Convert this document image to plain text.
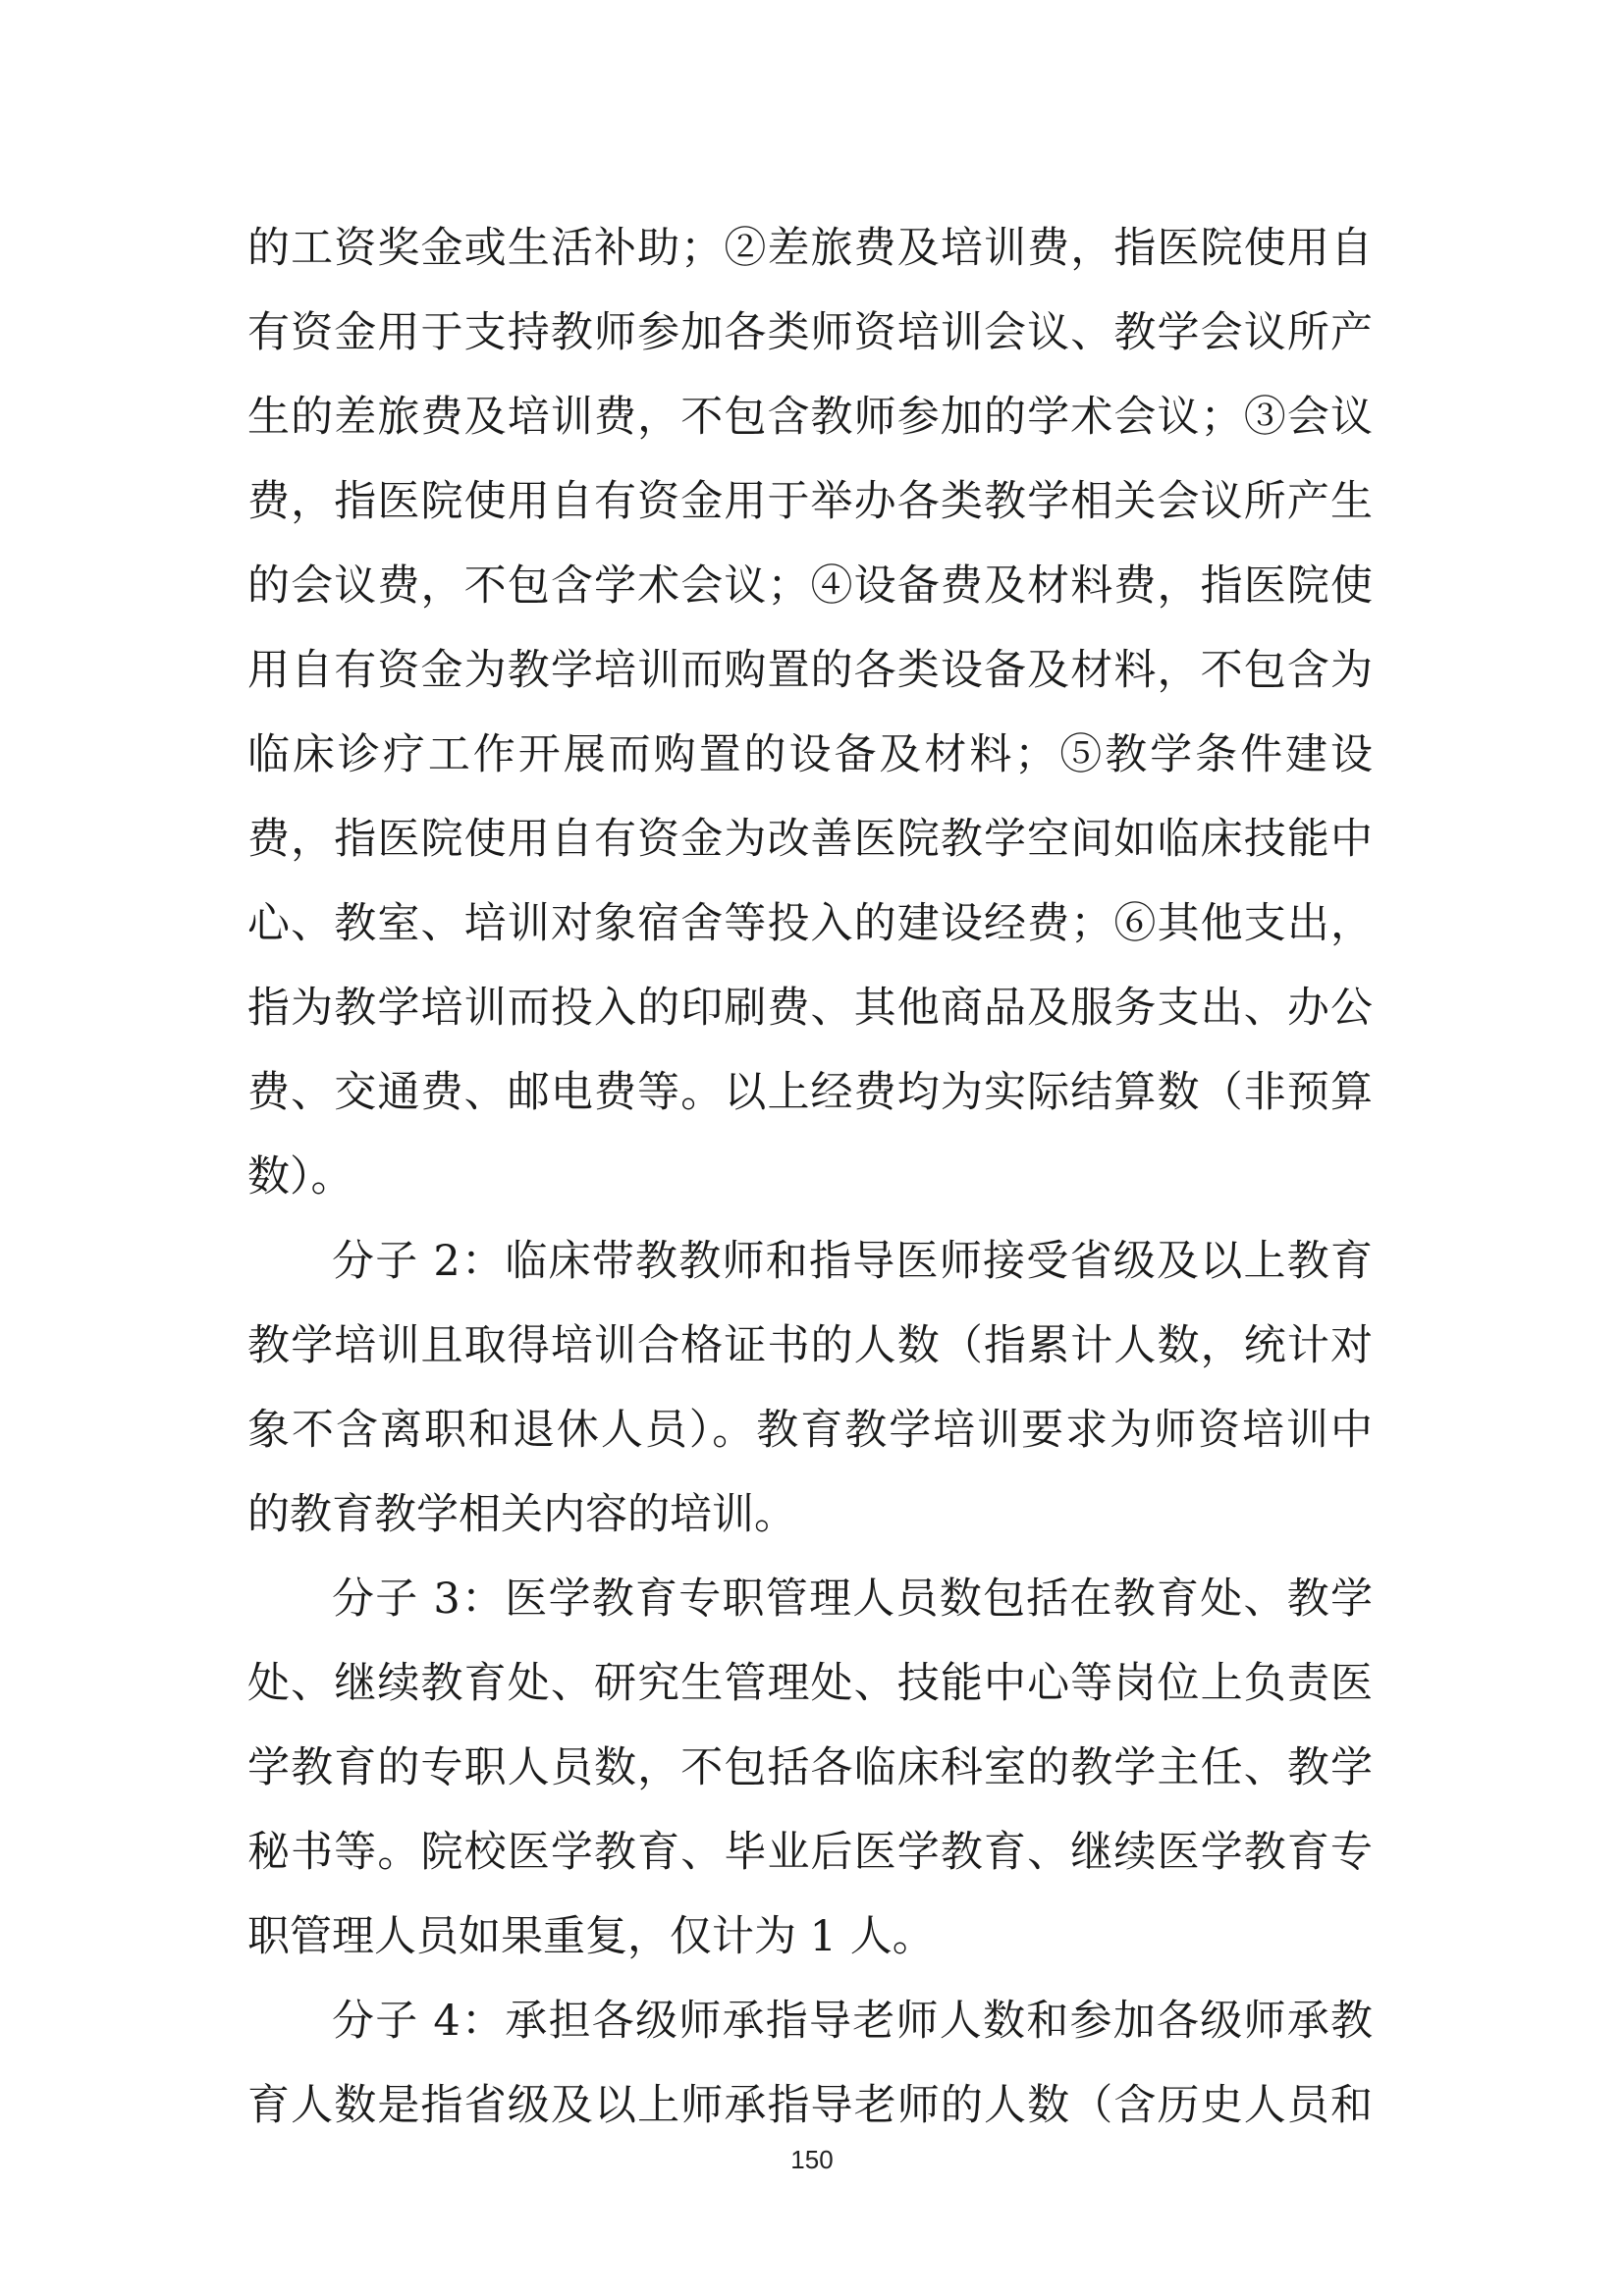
的工资奖金或生活补助；②差旅费及培训费，指医院使用自
有资金用于支持教师参加各类师资培训会议、教学会议所产
生的差旅费及培训费，不包含教师参加的学术会议；③会议
费，指医院使用自有资金用于举办各类教学相关会议所产生
的会议费，不包含学术会议；④设备费及材料费，指医院使
用自有资金为教学培训而购置的各类设备及材料，不包含为
临床诊疗工作开展而购置的设备及材料；⑤教学条件建设
费，指医院使用自有资金为改善医院教学空间如临床技能中
心、教室、培训对象宿舍等投入的建设经费；⑥其他支出，
指为教学培训而投入的印刷费、其他商品及服务支出、办公
费、交通费、邮电费等。以上经费均为实际结算数（非预算
数）。
分子 2：临床带教教师和指导医师接受省级及以上教育
教学培训且取得培训合格证书的人数（指累计人数，统计对
象不含离职和退休人员）。教育教学培训要求为师资培训中
的教育教学相关内容的培训。
分子 3：医学教育专职管理人员数包括在教育处、教学
处、继续教育处、研究生管理处、技能中心等岗位上负责医
学教育的专职人员数，不包括各临床科室的教学主任、教学
秘书等。院校医学教育、毕业后医学教育、继续医学教育专
职管理人员如果重复，仅计为 1 人。
分子 4：承担各级师承指导老师人数和参加各级师承教
育人数是指省级及以上师承指导老师的人数（含历史人员和
150
